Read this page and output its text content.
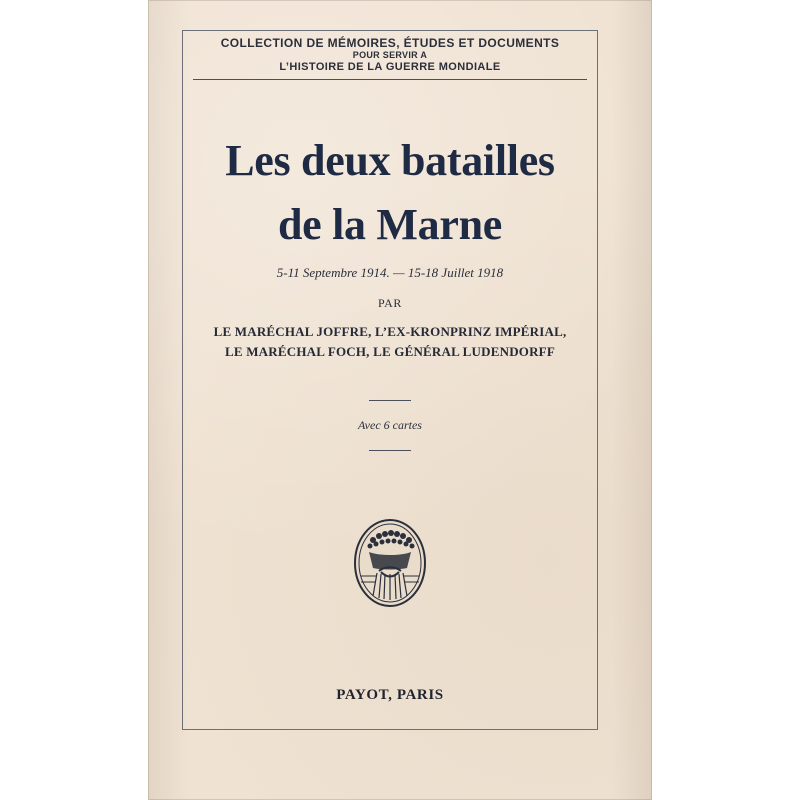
COLLECTION DE MÉMOIRES, ÉTUDES ET DOCUMENTS
POUR SERVIR A
L’HISTOIRE DE LA GUERRE MONDIALE
Les deux batailles
de la Marne
5-11 Septembre 1914. — 15-18 Juillet 1918
PAR
LE MARÉCHAL JOFFRE, L’EX-KRONPRINZ IMPÉRIAL,
LE MARÉCHAL FOCH, LE GÉNÉRAL LUDENDORFF
Avec 6 cartes
PAYOT, PARIS
